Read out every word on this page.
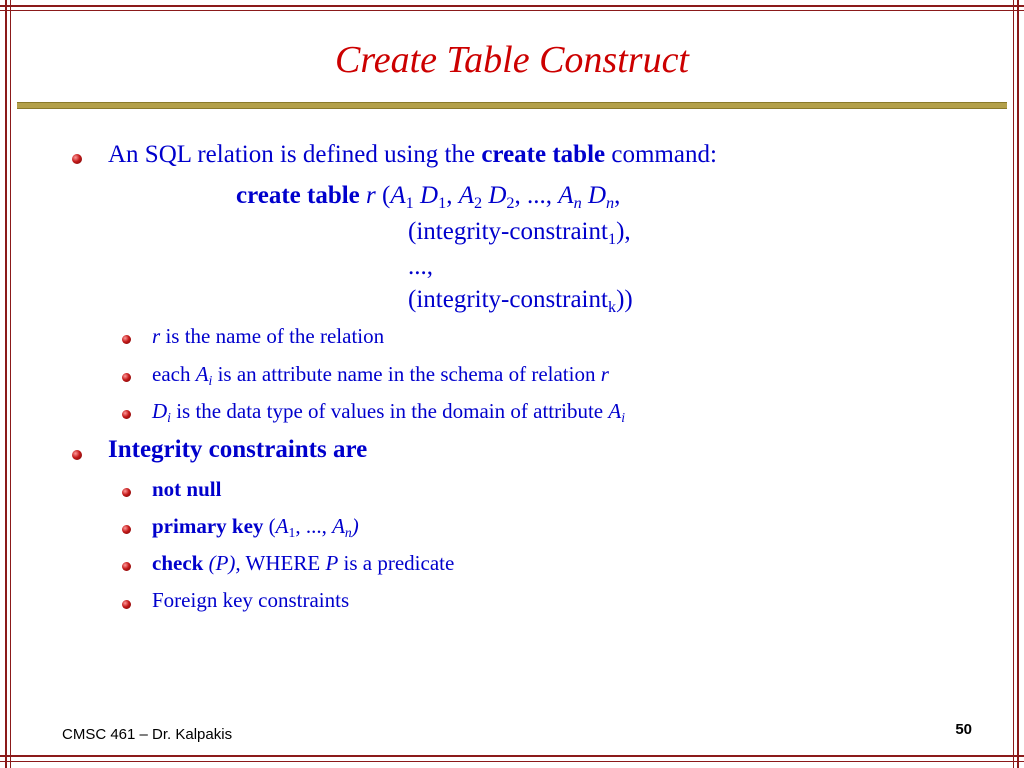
Create Table Construct
An SQL relation is defined using the create table command:
create table r ($A_1$ $D_1$, $A_2$ $D_2$, ..., $A_n$ $D_n$,
(integrity-constraint$_1$),
...,
(integrity-constraint$_k$))
r is the name of the relation
each $A_i$ is an attribute name in the schema of relation r
$D_i$ is the data type of values in the domain of attribute $A_i$
Integrity constraints are
not null
primary key ($A_1$, ..., $A_n$)
check (P), WHERE P is a predicate
Foreign key constraints
CMSC 461 – Dr. Kalpakis	50
